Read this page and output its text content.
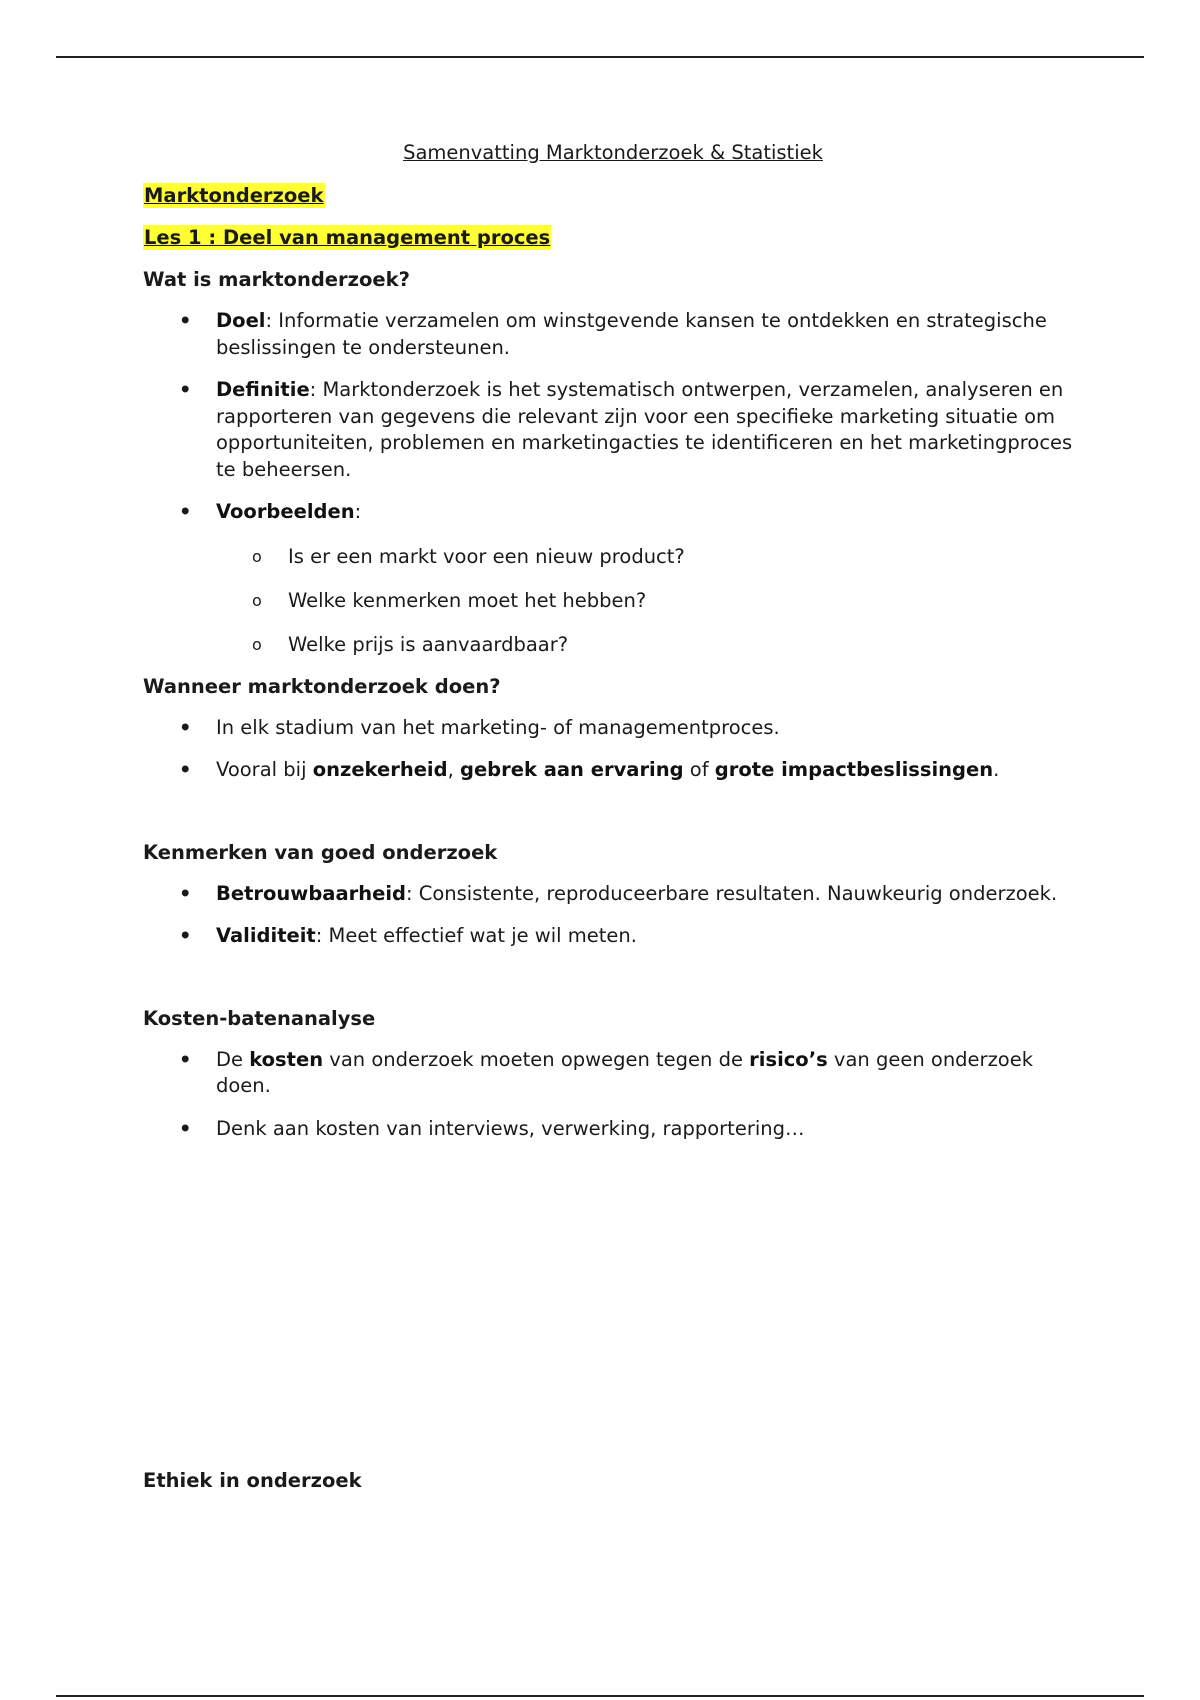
Samenvatting Marktonderzoek & Statistiek
Marktonderzoek
Les 1 : Deel van management proces
Wat is marktonderzoek?
• Doel: Informatie verzamelen om winstgevende kansen te ontdekken en strategische beslissingen te ondersteunen.
• Definitie: Marktonderzoek is het systematisch ontwerpen, verzamelen, analyseren en rapporteren van gegevens die relevant zijn voor een specifieke marketing situatie om opportuniteiten, problemen en marketingacties te identificeren en het marketingproces te beheersen.
• Voorbeelden:
o Is er een markt voor een nieuw product?
o Welke kenmerken moet het hebben?
o Welke prijs is aanvaardbaar?
Wanneer marktonderzoek doen?
• In elk stadium van het marketing- of managementproces.
• Vooral bij onzekerheid, gebrek aan ervaring of grote impactbeslissingen.
Kenmerken van goed onderzoek
• Betrouwbaarheid: Consistente, reproduceerbare resultaten. Nauwkeurig onderzoek.
• Validiteit: Meet effectief wat je wil meten.
Kosten-batenanalyse
• De kosten van onderzoek moeten opwegen tegen de risico’s van geen onderzoek doen.
• Denk aan kosten van interviews, verwerking, rapportering…
Ethiek in onderzoek
